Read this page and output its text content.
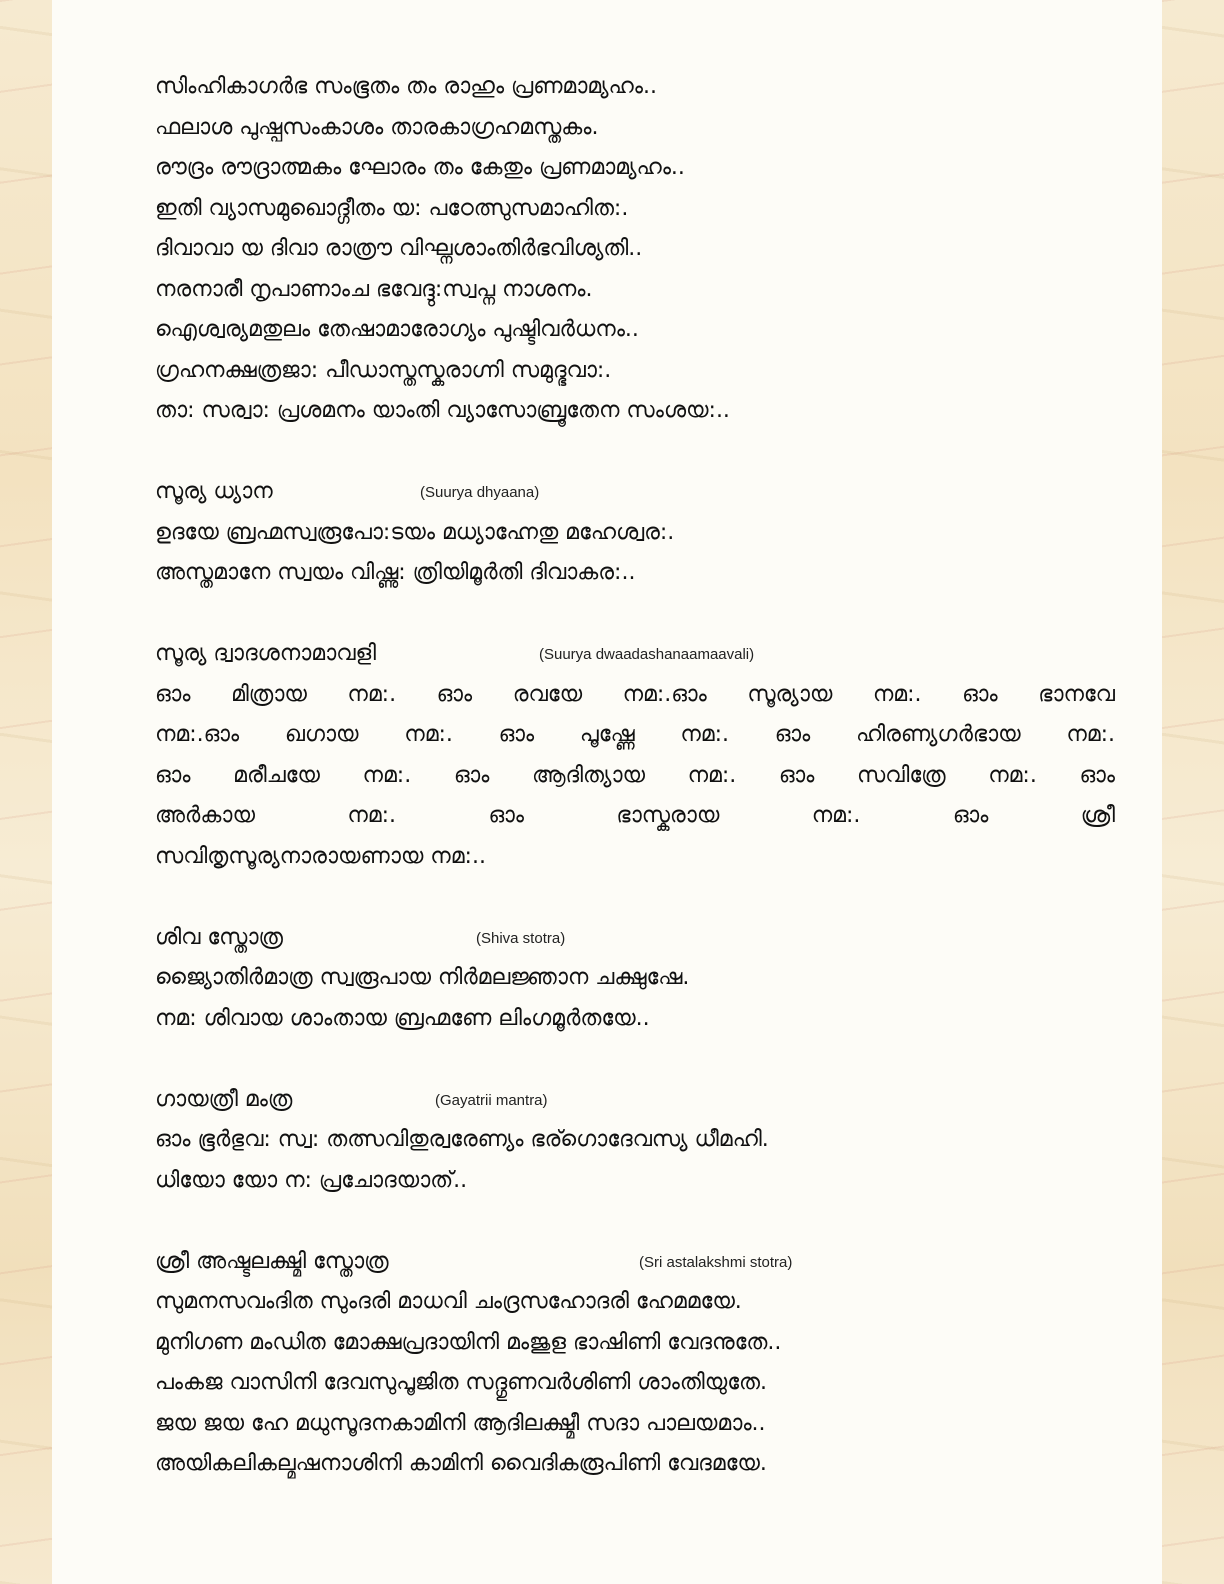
സിംഹികാഗർഭ സംഭൂതം തം രാഹും പ്രണമാമ്യഹം..
ഫലാശ പുഷ്പസംകാശം താരകാഗ്രഹമസ്തകം.
രൗദ്രം രൗദ്രാത്മകം ഘോരം തം കേതും പ്രണമാമ്യഹം..
ഇതി വ്യാസമുഖൊദ്ഗീതം യ: പഠേത്സുസമാഹിത:.
ദിവാവാ യ ദിവാ രാത്രൗ വിഘ്നശാംതിർഭവിശ്യതി..
നരനാരീ നൃപാണാംച ഭവേദ്ദു:സ്വപ്ന നാശനം.
ഐശ്വര്യമതുലം തേഷാമാരോഗ്യം പുഷ്ടിവർധനം..
ഗ്രഹനക്ഷത്രജാ: പീഡാസ്തസ്കരാഗ്നി സമുദ്ഭവാ:.
താ: സര്വാ: പ്രശമനം യാംതി വ്യാസോബ്രൂതേന സംശയ:..
സൂര്യ ധ്യാന	(Suurya dhyaana)
ഉദയേ ബ്രഹ്മസ്വരൂപോ:ടയം മധ്യാഹ്നേതു മഹേശ്വര:.
അസ്തമാനേ സ്വയം വിഷ്ണു: ത്രിയിമൂർതി ദിവാകര:..
സൂര്യ ദ്വാദശനാമാവളി	(Suurya dwaadashanaamaavali)
ഓം മിത്രായ നമ:. ഓം രവയേ നമ:.ഓം സൂര്യായ നമ:. ഓം ഭാനവേ
നമ:.ഓം ഖഗായ നമ:. ഓം പൂഷ്ണേ നമ:. ഓം ഹിരണ്യഗർഭായ നമ:.
ഓം മരീചയേ നമ:. ഓം ആദിത്യായ നമ:. ഓം സവിത്രേ നമ:. ഓം
അർകായ നമ:. ഓം ഭാസ്കരായ നമ:. ഓം ശ്രീ
സവിതൃസൂര്യനാരായണായ നമ:..
ശിവ സ്തോത്ര	(Shiva stotra)
ജ്യൈാതിർമാത്ര സ്വരൂപായ നിർമലജ്ഞാന ചക്ഷുഷേ.
നമ: ശിവായ ശാംതായ ബ്രഹ്മണേ ലിംഗമൂർതയേ..
ഗായത്രീ മംത്ര	(Gayatrii mantra)
ഓം ഭൂർഭുവ: സ്വ: തത്സവിതുര്വരേണ്യം ഭര്ഗൊദേവസ്യ ധീമഹി.
ധിയോ യോ ന: പ്രചോദയാത്..
ശ്രീ അഷ്ടലക്ഷ്മി സ്തോത്ര	(Sri astalakshmi stotra)
സുമനസവംദിത സുംദരി മാധവി ചംദ്രസഹോദരി ഹേമമയേ.
മുനിഗണ മംഡിത മോക്ഷപ്രദായിനി മംജുള ഭാഷിണി വേദനുതേ..
പംകജ വാസിനി ദേവസുപൂജിത സദ്ഗുണവർശിണി ശാംതിയുതേ.
ജയ ജയ ഹേ മധുസൂദനകാമിനി ആദിലക്ഷ്മീ സദാ പാലയമാം..
അയികലികല്മഷനാശിനി കാമിനി വൈദികരൂപിണി വേദമയേ.
